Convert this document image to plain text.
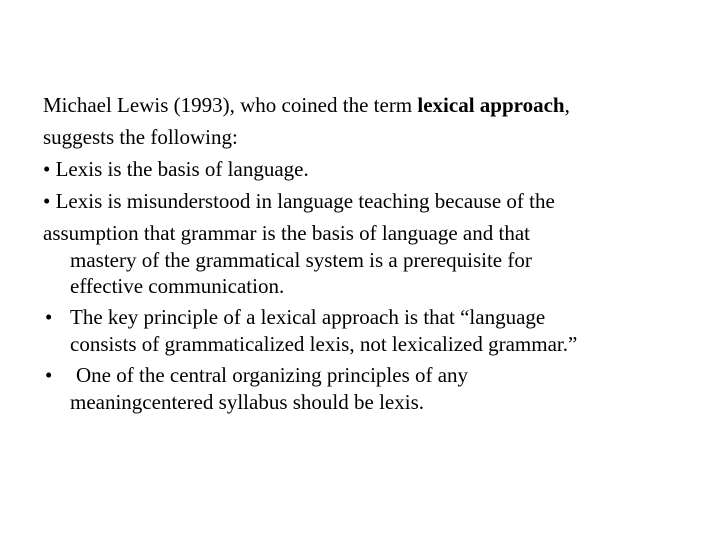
Michael Lewis (1993), who coined the term lexical approach,
suggests the following:
• Lexis is the basis of language.
• Lexis is misunderstood in language teaching because of the
assumption that grammar is the basis of language and that
mastery of the grammatical system is a prerequisite for
effective communication.
• The key principle of a lexical approach is that “language
consists of grammaticalized lexis, not lexicalized grammar.”
• One of the central organizing principles of any
meaningcentered syllabus should be lexis.
